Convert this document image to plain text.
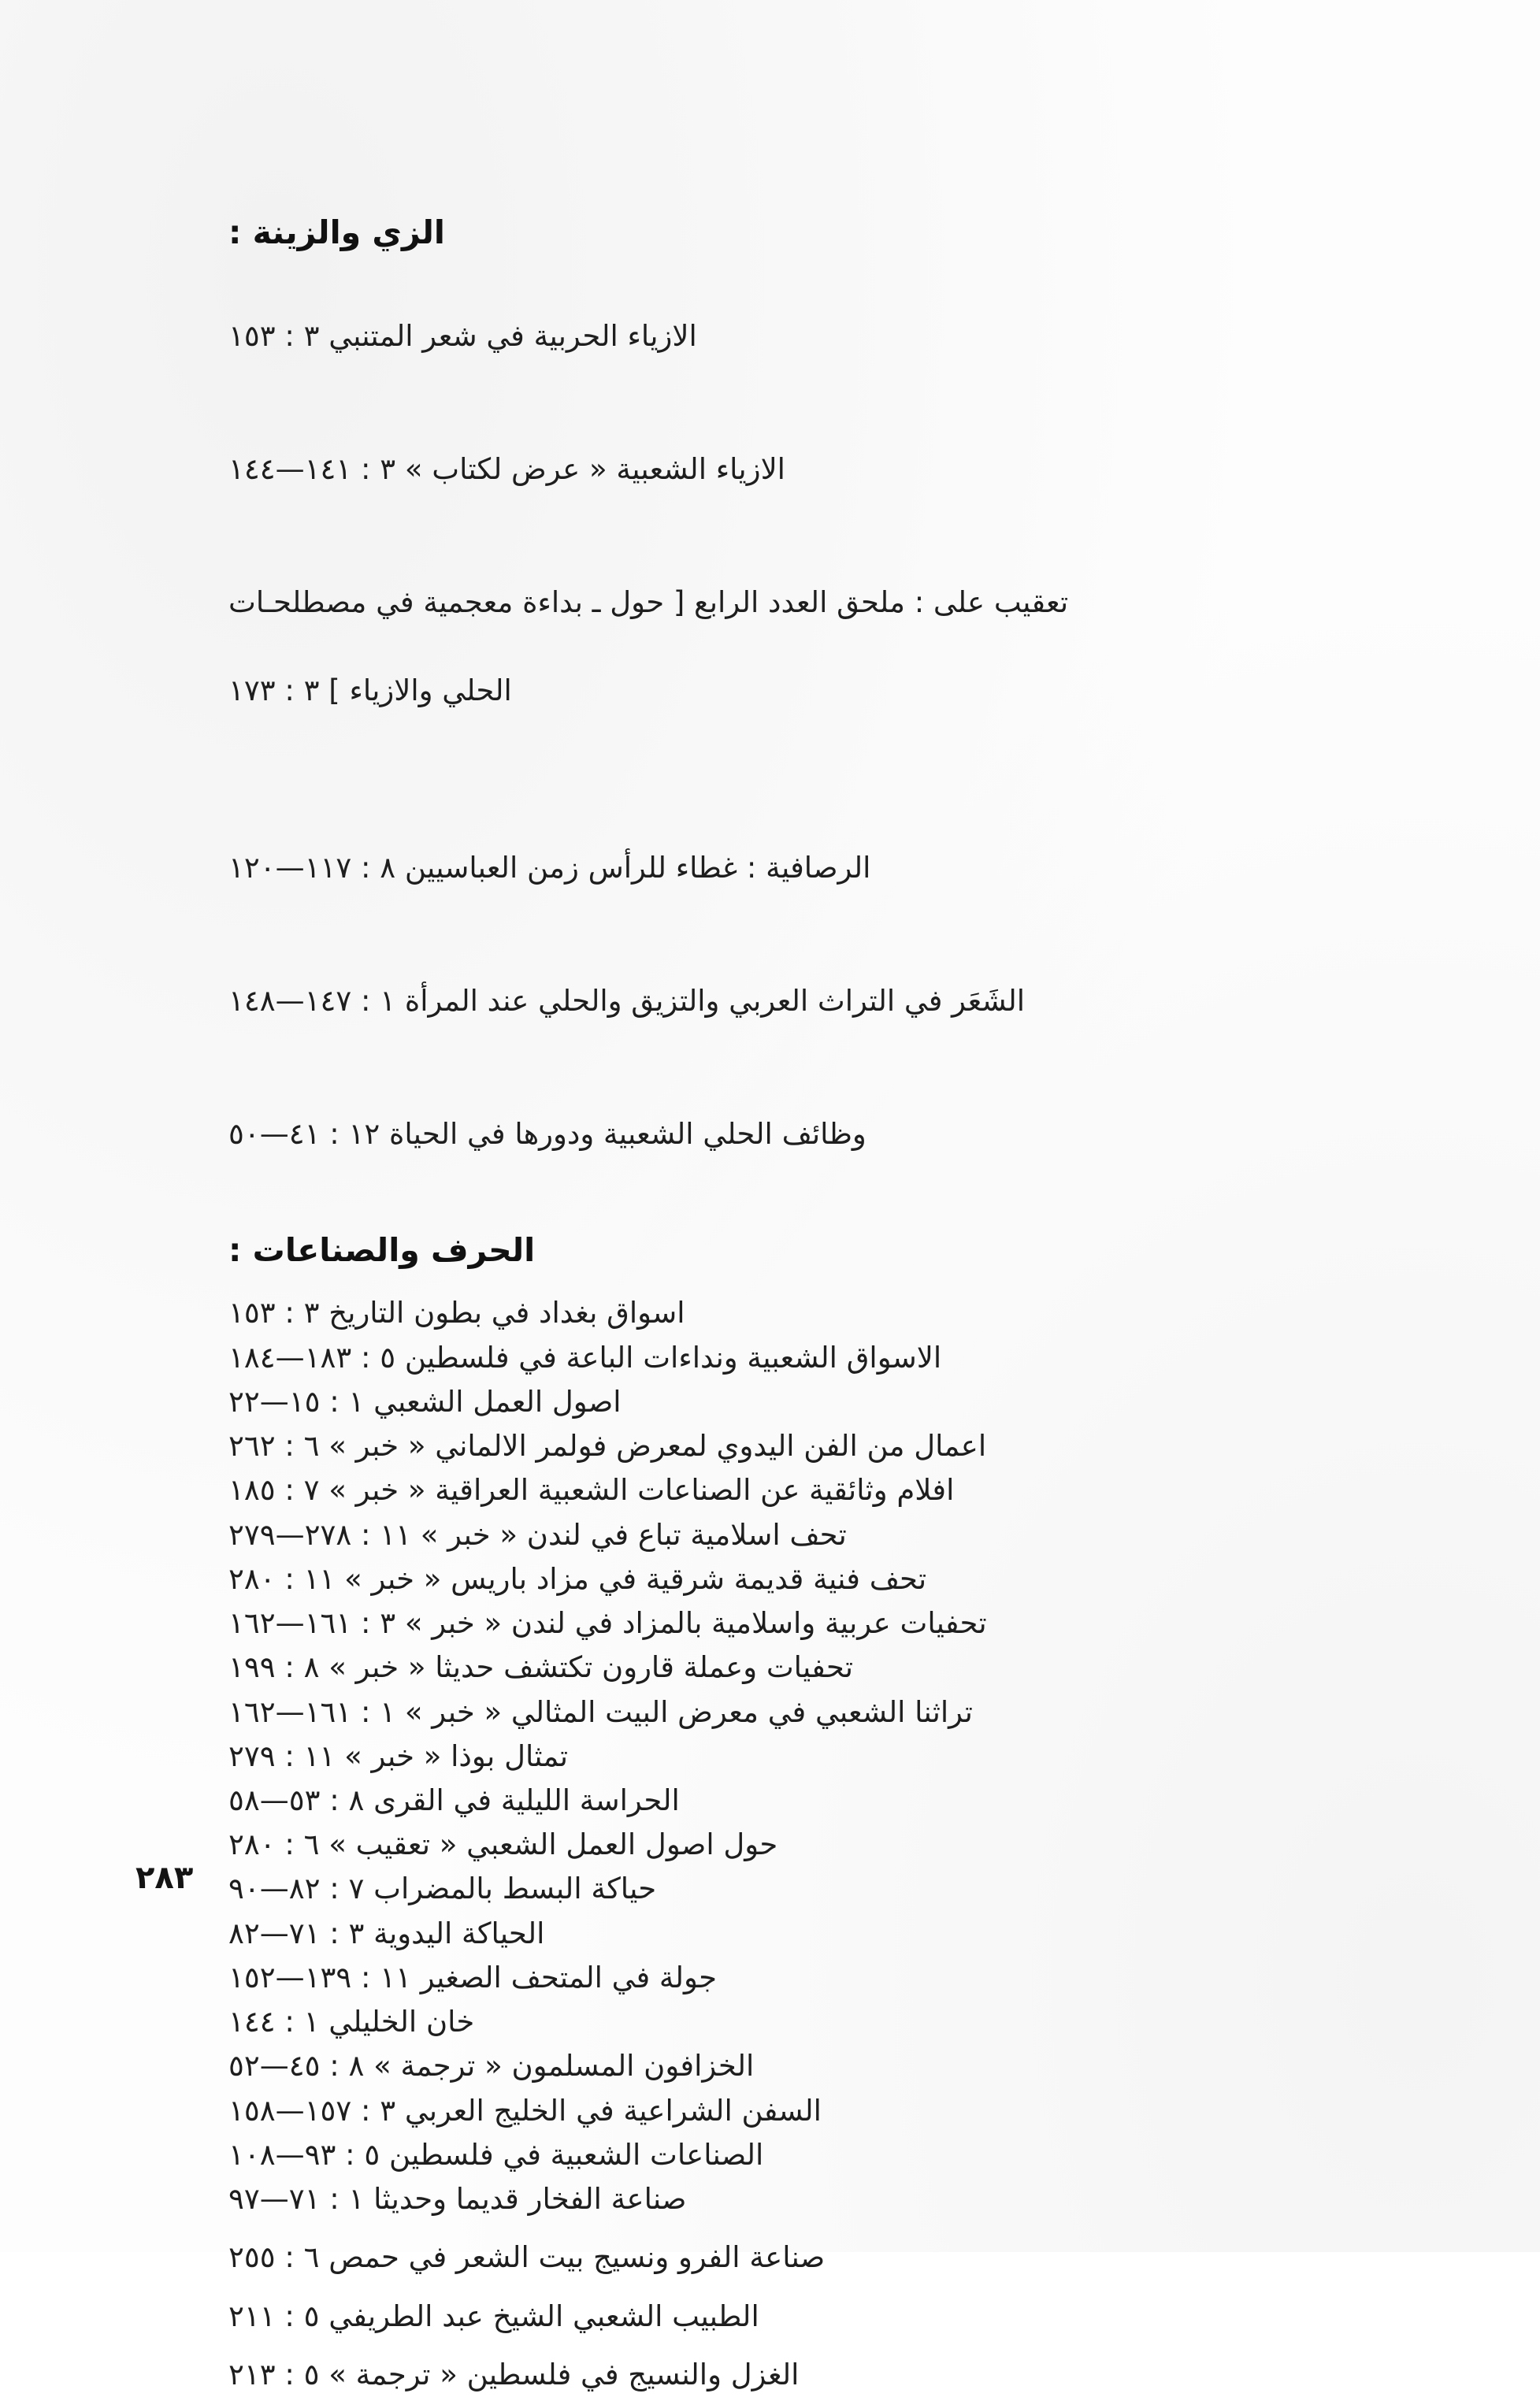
الزي والزينة :

الازياء الحربية في شعر المتنبي ٣ : ١٥٣

الازياء الشعبية « عرض لكتاب » ٣ : ١٤١—١٤٤

تعقيب على : ملحق العدد الرابع [ حول ـ بداءة معجمية في مصطلحـات

الحلي والازياء ] ٣ : ١٧٣

الرصافية : غطاء للرأس زمن العباسيين ٨ : ١١٧—١٢٠

الشَعَر في التراث العربي والتزيق والحلي عند المرأة ١ : ١٤٧—١٤٨

وظائف الحلي الشعبية ودورها في الحياة ١٢ : ٤١—٥٠

الحرف والصناعات :
اسواق بغداد في بطون التاريخ ٣ : ١٥٣
الاسواق الشعبية ونداءات الباعة في فلسطين ٥ : ١٨٣—١٨٤
اصول العمل الشعبي ١ : ١٥—٢٢
اعمال من الفن اليدوي لمعرض فولمر الالماني « خبر » ٦ : ٢٦٢
افلام وثائقية عن الصناعات الشعبية العراقية « خبر » ٧ : ١٨٥
تحف اسلامية تباع في لندن « خبر » ١١ : ٢٧٨—٢٧٩
تحف فنية قديمة شرقية في مزاد باريس « خبر » ١١ : ٢٨٠
تحفيات عربية واسلامية بالمزاد في لندن « خبر » ٣ : ١٦١—١٦٢
تحفيات وعملة قارون تكتشف حديثا « خبر » ٨ : ١٩٩
تراثنا الشعبي في معرض البيت المثالي « خبر » ١ : ١٦١—١٦٢
تمثال بوذا « خبر » ١١ : ٢٧٩
الحراسة الليلية في القرى ٨ : ٥٣—٥٨
حول اصول العمل الشعبي « تعقيب » ٦ : ٢٨٠
حياكة البسط بالمضراب ٧ : ٨٢—٩٠
الحياكة اليدوية ٣ : ٧١—٨٢
جولة في المتحف الصغير ١١ : ١٣٩—١٥٢
خان الخليلي ١ : ١٤٤
الخزافون المسلمون « ترجمة » ٨ : ٤٥—٥٢
السفن الشراعية في الخليج العربي ٣ : ١٥٧—١٥٨
الصناعات الشعبية في فلسطين ٥ : ٩٣—١٠٨
صناعة الفخار قديما وحديثا ١ : ٧١—٩٧
صناعة الفرو ونسيج بيت الشعر في حمص ٦ : ٢٥٥
الطبيب الشعبي الشيخ عبد الطريفي ٥ : ٢١١
الغزل والنسيج في فلسطين « ترجمة » ٥ : ٢١٣
٢٨٣
